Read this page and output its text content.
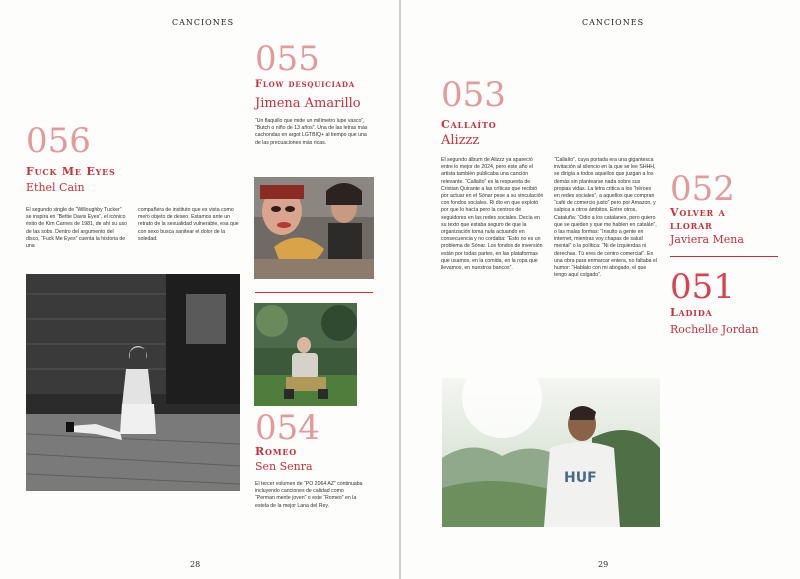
CANCIONES
055
Flow desquiciada
Jimena Amarillo
“Un flaquillo que mide un milímetro lupe vasco”, “Butch o niño de 13 años”. Una de las letras más cachondas en argot LGTBIQ+ al tiempo que una de las precuaciones más ricas.
054
Romeo
Sen Senra
El tercer volumen de “PO 2064 AZ” continuaba incluyendo canciones de calidad como “Perman mente joven” o este “Romeo” en la estela de la mejor Lana del Rey.
056
Fuck Me Eyes
Ethel Cain
El segundo single de “Willoughby Tucker” se inspira en “Bettie Davis Eyes”, el icónico éxito de Kim Carnes de 1981, de ahí su uso de las sobs. Dentro del argumento del disco, “Fuck Me Eyes” cuenta la historia de una
compañera de instituto que es vista como mero objeto de deseo. Estamos ante un retrato de la sexualidad vulnerable, esa que con sexo busca sanitear el dolor de la soledad.
28
CANCIONES
053
Callaíto
Alizzz
El segundo álbum de Alizzz ya apareció entre lo mejor de 2024, pero este año el artista también publicaba una canción relevante. “Callaíto” es la respuesta de Cristian Quirante a las críticas que recibió por actuar en el Sónar pese a su vinculación con fondos sociales. Ri dio en que explotó por que lo hacía pero la centros de seguidores en las redes sociales. Decía en su texto que estaba seguro de que la organización toma nula actuando en consecuencia y no cordaba: “Esto no es un problema de Sónar. Los fondos de inversión están por todas partes, en las plataformas que usamos, en la comida, en la ropa que llevamos, en nuestros bancos”.
“Callaíto”, cuya portada era una gigantesca invitación al silencio en la que se lee SHHH, se dirigía a todos aquellos que juzgan a los demás sin plantearse nada sobre sus propias vidas. La letra critica a los “héroes en redes sociales”, a aquellos que compran “café de comercio justo” pero por Amazon, y salpica a otros ámbitos. Entre otros, Cataluña: “Odio a los catalanes, pero quiero que se queden y que me hablen en catalán”, o las malas formas: “Insulto a gente en internet, mientras voy chapas de salud mental” o la política: “Ni de izquierdas ni derechas. Tú eres de centro comercial”. En una obra para enmarcar entera, no faltaba el humor: “Hablalo con mi abogado, el que tengo aquí colgado”.
052
Volver a llorar
Javiera Mena
051
Ladida
Rochelle Jordan
HUF
29
